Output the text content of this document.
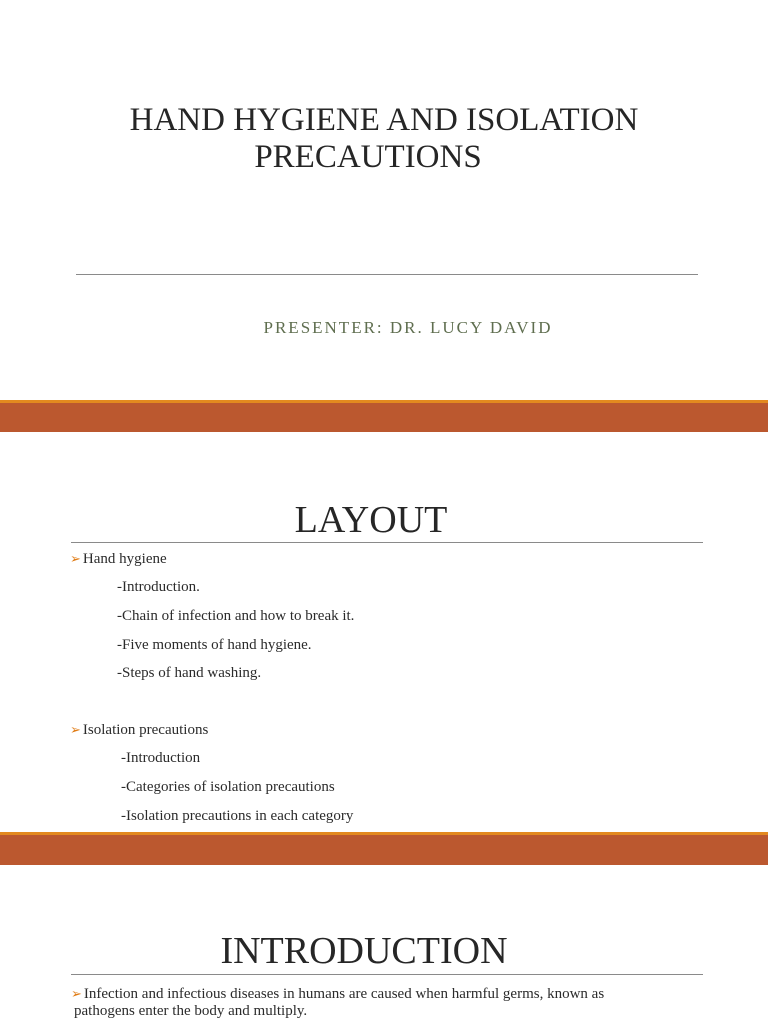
HAND HYGIENE AND ISOLATION
PRECAUTIONS
PRESENTER: DR. LUCY DAVID
LAYOUT
➢ Hand hygiene
-Introduction.
-Chain of infection and how to break it.
-Five moments of hand hygiene.
-Steps of hand washing.
➢ Isolation precautions
-Introduction
-Categories of isolation precautions
-Isolation precautions in each category
INTRODUCTION
➢ Infection and infectious diseases in humans are caused when harmful germs, known as
pathogens enter the body and multiply.
